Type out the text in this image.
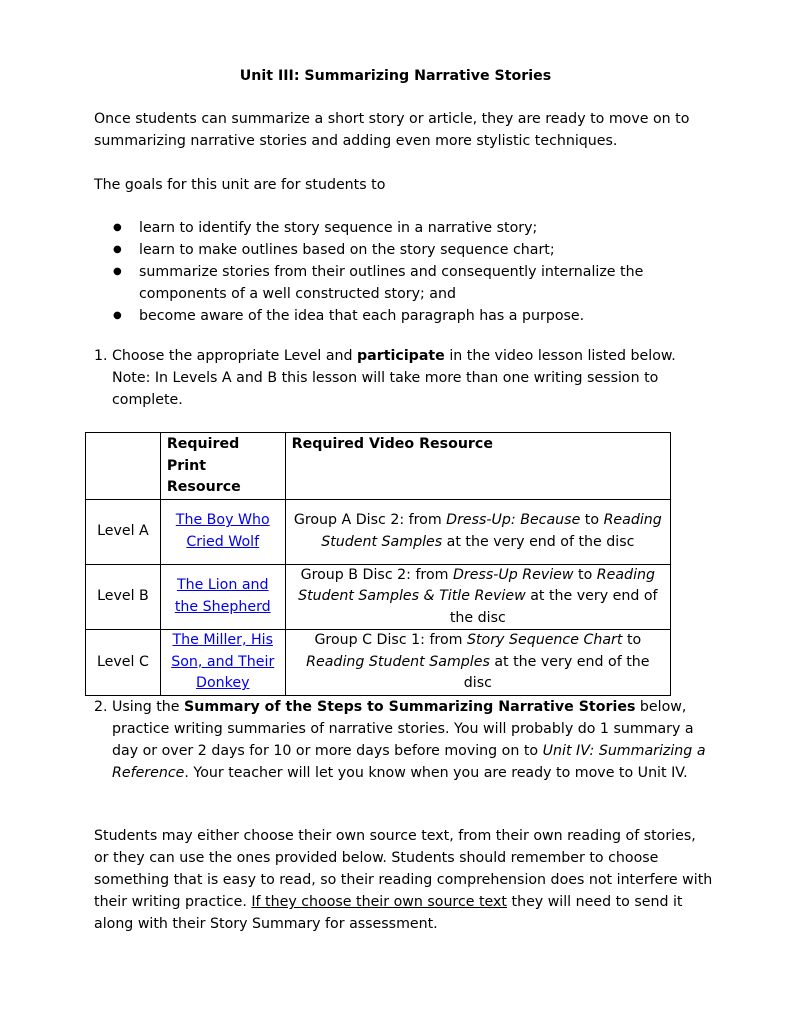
Unit III: Summarizing Narrative Stories

Once students can summarize a short story or article, they are ready to move on to summarizing narrative stories and adding even more stylistic techniques.

The goals for this unit are for students to

● learn to identify the story sequence in a narrative story;
● learn to make outlines based on the story sequence chart;
● summarize stories from their outlines and consequently internalize the components of a well constructed story; and
● become aware of the idea that each paragraph has a purpose.

1. Choose the appropriate Level and participate in the video lesson listed below. Note: In Levels A and B this lesson will take more than one writing session to complete.

	Required Print Resource	Required Video Resource
Level A	The Boy Who Cried Wolf	Group A Disc 2: from Dress-Up: Because to Reading Student Samples at the very end of the disc
Level B	The Lion and the Shepherd	Group B Disc 2: from Dress-Up Review to Reading Student Samples & Title Review at the very end of the disc
Level C	The Miller, His Son, and Their Donkey	Group C Disc 1: from Story Sequence Chart to Reading Student Samples at the very end of the disc

2. Using the Summary of the Steps to Summarizing Narrative Stories below, practice writing summaries of narrative stories. You will probably do 1 summary a day or over 2 days for 10 or more days before moving on to Unit IV: Summarizing a Reference. Your teacher will let you know when you are ready to move to Unit IV.

Students may either choose their own source text, from their own reading of stories, or they can use the ones provided below. Students should remember to choose something that is easy to read, so their reading comprehension does not interfere with their writing practice. If they choose their own source text they will need to send it along with their Story Summary for assessment.
